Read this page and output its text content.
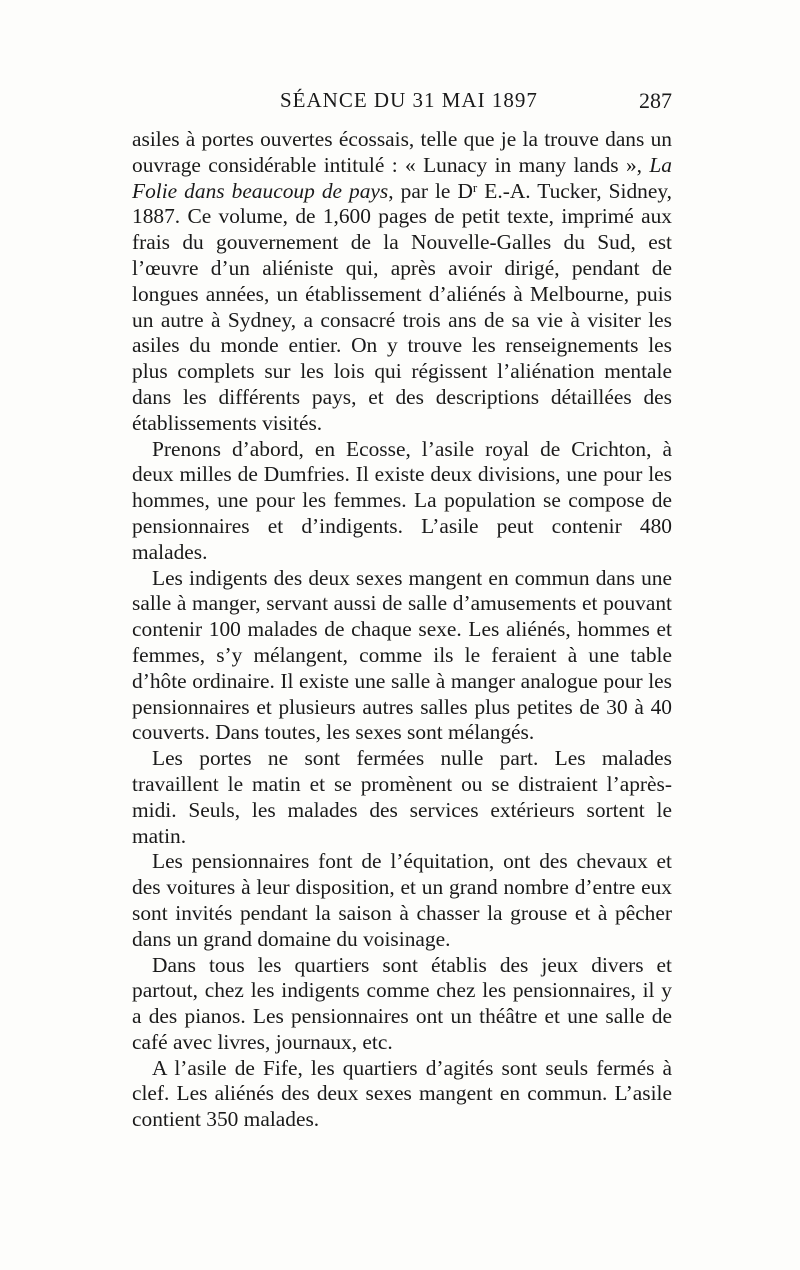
SÉANCE DU 31 MAI 1897	287

asiles à portes ouvertes écossais, telle que je la trouve dans un ouvrage considérable intitulé : « Lunacy in many lands », La Folie dans beaucoup de pays, par le $D^r$ E.-A. Tucker, Sidney, 1887. Ce volume, de 1,600 pages de petit texte, imprimé aux frais du gouvernement de la Nouvelle-Galles du Sud, est l’œuvre d’un aliéniste qui, après avoir dirigé, pendant de longues années, un établissement d’aliénés à Melbourne, puis un autre à Sydney, a consacré trois ans de sa vie à visiter les asiles du monde entier. On y trouve les renseignements les plus complets sur les lois qui régissent l’aliénation mentale dans les différents pays, et des descriptions détaillées des établissements visités.

Prenons d’abord, en Ecosse, l’asile royal de Crichton, à deux milles de Dumfries. Il existe deux divisions, une pour les hommes, une pour les femmes. La population se compose de pensionnaires et d’indigents. L’asile peut contenir 480 malades.

Les indigents des deux sexes mangent en commun dans une salle à manger, servant aussi de salle d’amusements et pouvant contenir 100 malades de chaque sexe. Les aliénés, hommes et femmes, s’y mélangent, comme ils le feraient à une table d’hôte ordinaire. Il existe une salle à manger analogue pour les pensionnaires et plusieurs autres salles plus petites de 30 à 40 couverts. Dans toutes, les sexes sont mélangés.

Les portes ne sont fermées nulle part. Les malades travaillent le matin et se promènent ou se distraient l’après-midi. Seuls, les malades des services extérieurs sortent le matin.

Les pensionnaires font de l’équitation, ont des chevaux et des voitures à leur disposition, et un grand nombre d’entre eux sont invités pendant la saison à chasser la grouse et à pêcher dans un grand domaine du voisinage.

Dans tous les quartiers sont établis des jeux divers et partout, chez les indigents comme chez les pensionnaires, il y a des pianos. Les pensionnaires ont un théâtre et une salle de café avec livres, journaux, etc.

A l’asile de Fife, les quartiers d’agités sont seuls fermés à clef. Les aliénés des deux sexes mangent en commun. L’asile contient 350 malades.
